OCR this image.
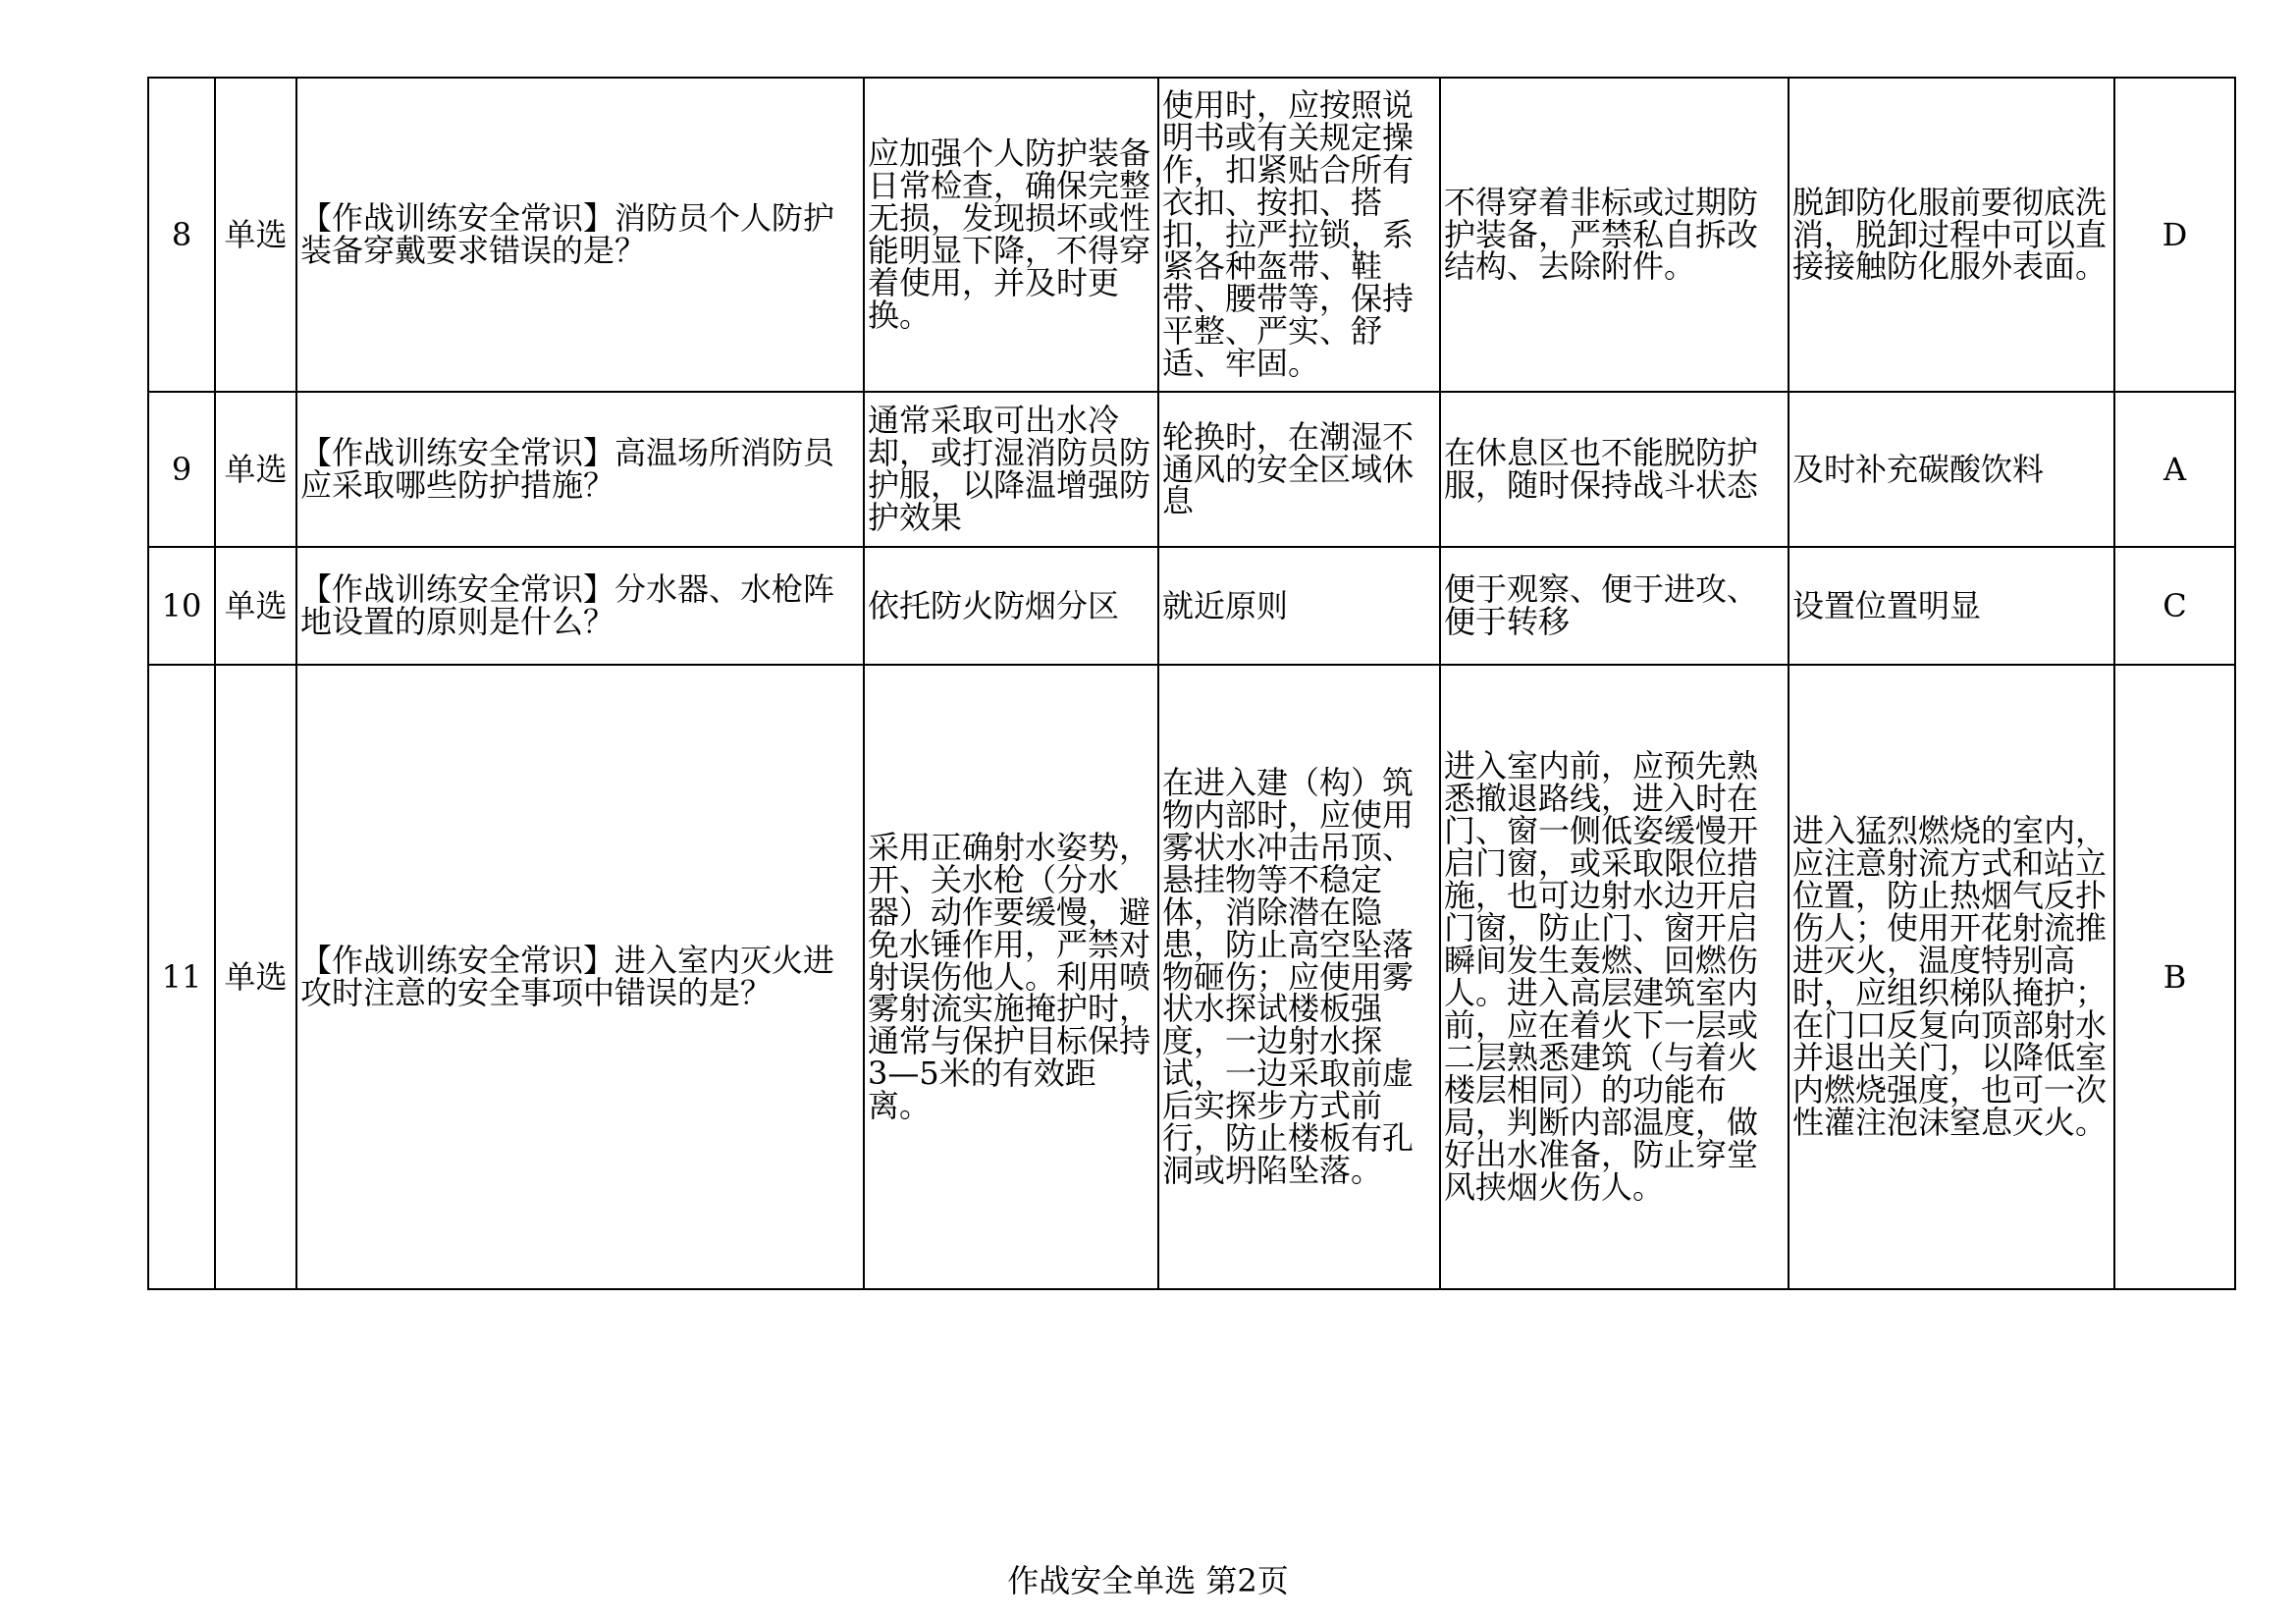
8	单选	【作战训练安全常识】消防员个人防护装备穿戴要求错误的是？	应加强个人防护装备日常检查，确保完整无损，发现损坏或性能明显下降，不得穿着使用，并及时更换。	使用时，应按照说明书或有关规定操作，扣紧贴合所有衣扣、按扣、搭扣，拉严拉锁，系紧各种盔带、鞋带、腰带等，保持平整、严实、舒适、牢固。	不得穿着非标或过期防护装备，严禁私自拆改结构、去除附件。	脱卸防化服前要彻底洗消，脱卸过程中可以直接接触防化服外表面。	D
9	单选	【作战训练安全常识】高温场所消防员应采取哪些防护措施？	通常采取可出水冷却，或打湿消防员防护服，以降温增强防护效果	轮换时，在潮湿不通风的安全区域休息	在休息区也不能脱防护服，随时保持战斗状态	及时补充碳酸饮料	A
10	单选	【作战训练安全常识】分水器、水枪阵地设置的原则是什么？	依托防火防烟分区	就近原则	便于观察、便于进攻、便于转移	设置位置明显	C
11	单选	【作战训练安全常识】进入室内灭火进攻时注意的安全事项中错误的是？	采用正确射水姿势，开、关水枪（分水器）动作要缓慢，避免水锤作用，严禁对射误伤他人。利用喷雾射流实施掩护时，通常与保护目标保持3—5米的有效距离。	在进入建（构）筑物内部时，应使用雾状水冲击吊顶、悬挂物等不稳定体，消除潜在隐患，防止高空坠落物砸伤；应使用雾状水探试楼板强度，一边射水探试，一边采取前虚后实探步方式前行，防止楼板有孔洞或坍陷坠落。	进入室内前，应预先熟悉撤退路线，进入时在门、窗一侧低姿缓慢开启门窗，或采取限位措施，也可边射水边开启门窗，防止门、窗开启瞬间发生轰燃、回燃伤人。进入高层建筑室内前，应在着火下一层或二层熟悉建筑（与着火楼层相同）的功能布局，判断内部温度，做好出水准备，防止穿堂风挟烟火伤人。	进入猛烈燃烧的室内，应注意射流方式和站立位置，防止热烟气反扑伤人；使用开花射流推进灭火，温度特别高时，应组织梯队掩护；在门口反复向顶部射水并退出关门，以降低室内燃烧强度，也可一次性灌注泡沫窒息灭火。	B
作战安全单选 第2页
